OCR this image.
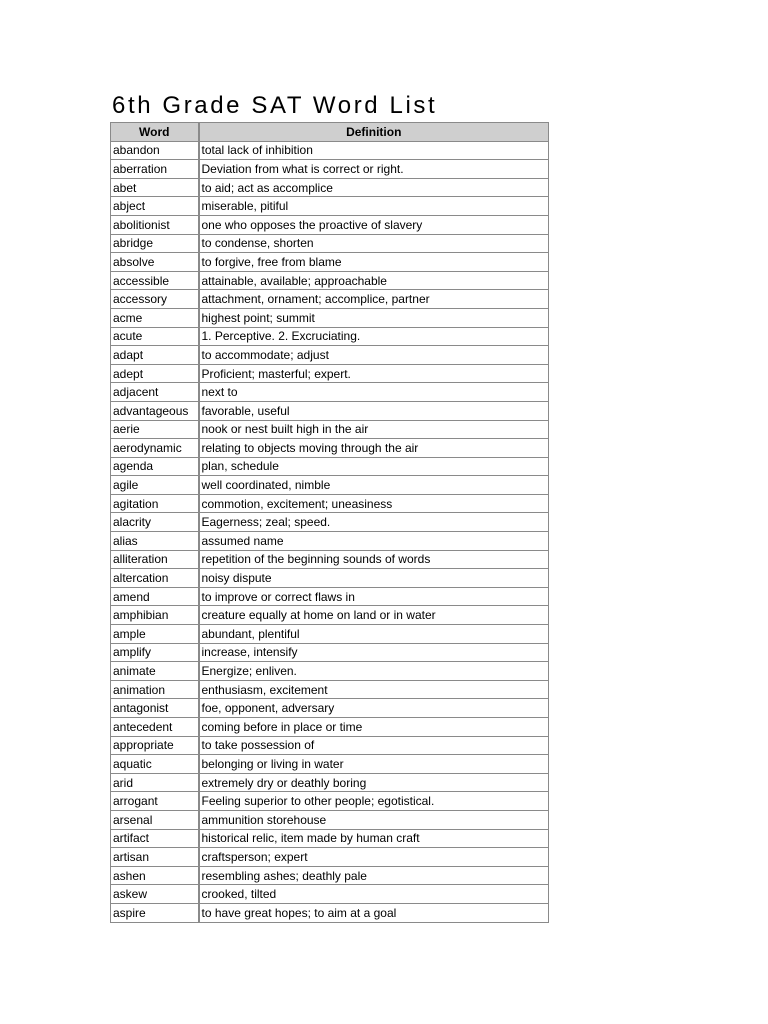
6th Grade SAT Word List
Word	Definition
abandon	total lack of inhibition
aberration	Deviation from what is correct or right.
abet	to aid; act as accomplice
abject	miserable, pitiful
abolitionist	one who opposes the proactive of slavery
abridge	to condense, shorten
absolve	to forgive, free from blame
accessible	attainable, available; approachable
accessory	attachment, ornament; accomplice, partner
acme	highest point; summit
acute	1. Perceptive. 2. Excruciating.
adapt	to accommodate; adjust
adept	Proficient; masterful; expert.
adjacent	next to
advantageous	favorable, useful
aerie	nook or nest built high in the air
aerodynamic	relating to objects moving through the air
agenda	plan, schedule
agile	well coordinated, nimble
agitation	commotion, excitement; uneasiness
alacrity	Eagerness; zeal; speed.
alias	assumed name
alliteration	repetition of the beginning sounds of words
altercation	noisy dispute
amend	to improve or correct flaws in
amphibian	creature equally at home on land or in water
ample	abundant, plentiful
amplify	increase, intensify
animate	Energize; enliven.
animation	enthusiasm, excitement
antagonist	foe, opponent, adversary
antecedent	coming before in place or time
appropriate	to take possession of
aquatic	belonging or living in water
arid	extremely dry or deathly boring
arrogant	Feeling superior to other people; egotistical.
arsenal	ammunition storehouse
artifact	historical relic, item made by human craft
artisan	craftsperson; expert
ashen	resembling ashes; deathly pale
askew	crooked, tilted
aspire	to have great hopes; to aim at a goal
